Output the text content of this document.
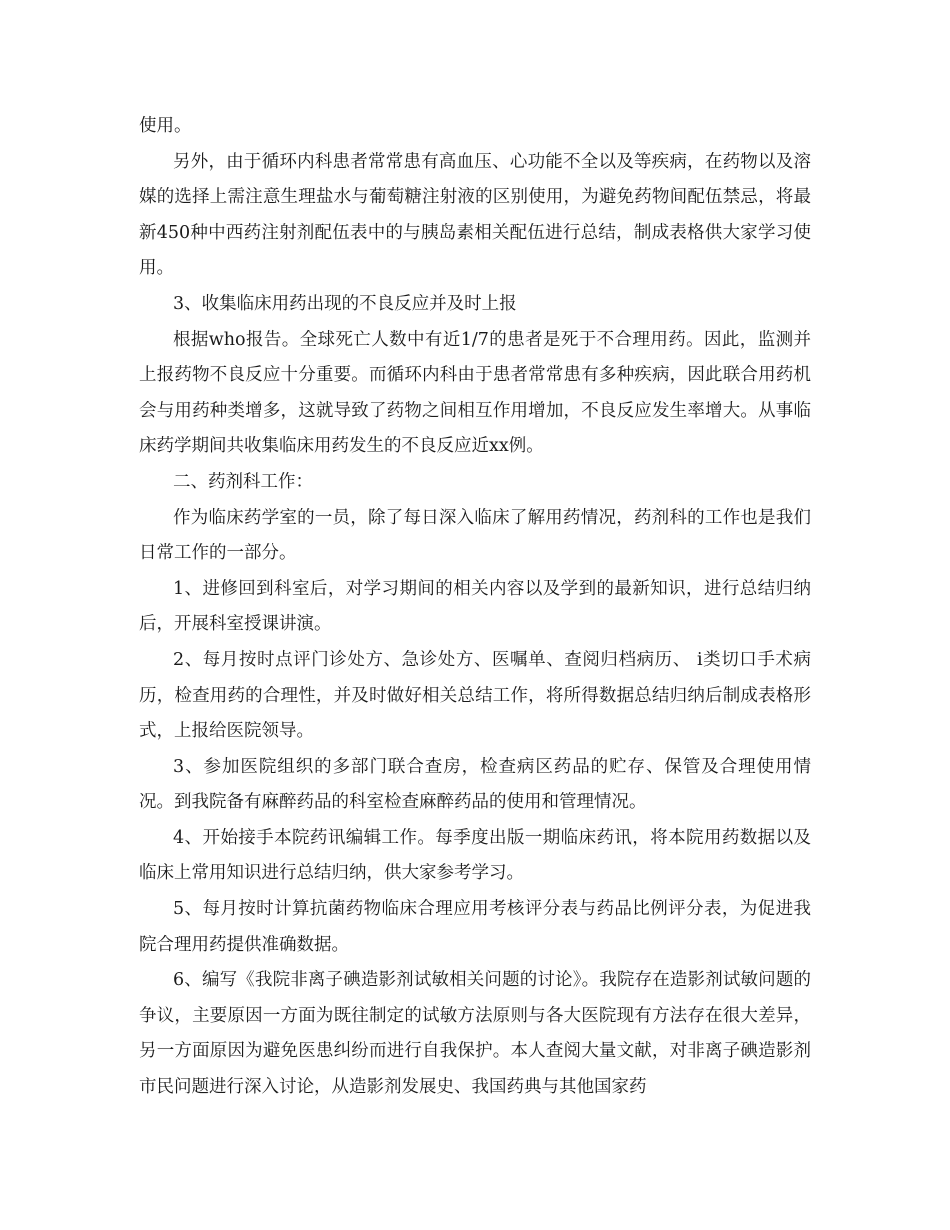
使用。

另外，由于循环内科患者常常患有高血压、心功能不全以及等疾病，在药物以及溶媒的选择上需注意生理盐水与葡萄糖注射液的区别使用，为避免药物间配伍禁忌，将最新450种中西药注射剂配伍表中的与胰岛素相关配伍进行总结，制成表格供大家学习使用。

3、收集临床用药出现的不良反应并及时上报

根据who报告。全球死亡人数中有近1/7的患者是死于不合理用药。因此，监测并上报药物不良反应十分重要。而循环内科由于患者常常患有多种疾病，因此联合用药机会与用药种类增多，这就导致了药物之间相互作用增加，不良反应发生率增大。从事临床药学期间共收集临床用药发生的不良反应近xx例。

二、药剂科工作：

作为临床药学室的一员，除了每日深入临床了解用药情况，药剂科的工作也是我们日常工作的一部分。

1、进修回到科室后，对学习期间的相关内容以及学到的最新知识，进行总结归纳后，开展科室授课讲演。

2、每月按时点评门诊处方、急诊处方、医嘱单、查阅归档病历、 i类切口手术病历，检查用药的合理性，并及时做好相关总结工作，将所得数据总结归纳后制成表格形式，上报给医院领导。

3、参加医院组织的多部门联合查房，检查病区药品的贮存、保管及合理使用情况。到我院备有麻醉药品的科室检查麻醉药品的使用和管理情况。

4、开始接手本院药讯编辑工作。每季度出版一期临床药讯，将本院用药数据以及临床上常用知识进行总结归纳，供大家参考学习。

5、每月按时计算抗菌药物临床合理应用考核评分表与药品比例评分表，为促进我院合理用药提供准确数据。

6、编写《我院非离子碘造影剂试敏相关问题的讨论》。我院存在造影剂试敏问题的争议，主要原因一方面为既往制定的试敏方法原则与各大医院现有方法存在很大差异，另一方面原因为避免医患纠纷而进行自我保护。本人查阅大量文献，对非离子碘造影剂市民问题进行深入讨论，从造影剂发展史、我国药典与其他国家药
